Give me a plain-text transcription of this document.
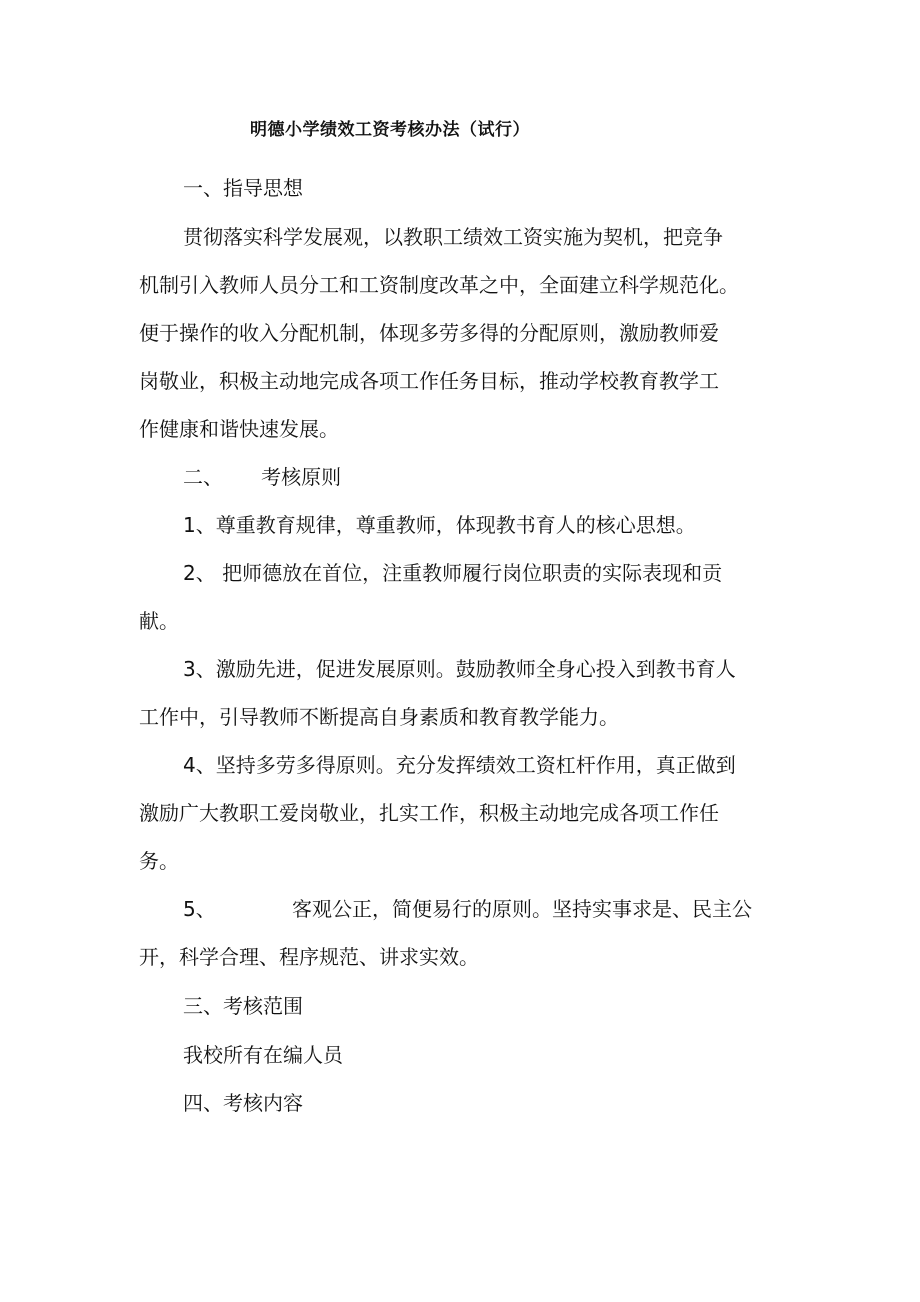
明德小学绩效工资考核办法（试行）
一、指导思想
贯彻落实科学发展观，以教职工绩效工资实施为契机，把竞争
机制引入教师人员分工和工资制度改革之中，全面建立科学规范化。
便于操作的收入分配机制，体现多劳多得的分配原则，激励教师爱
岗敬业，积极主动地完成各项工作任务目标，推动学校教育教学工
作健康和谐快速发展。
二、      考核原则
1、尊重教育规律，尊重教师，体现教书育人的核心思想。
2、 把师德放在首位，注重教师履行岗位职责的实际表现和贡
献。
3、激励先进，促进发展原则。鼓励教师全身心投入到教书育人
工作中，引导教师不断提高自身素质和教育教学能力。
4、坚持多劳多得原则。充分发挥绩效工资杠杆作用，真正做到
激励广大教职工爱岗敬业，扎实工作，积极主动地完成各项工作任
务。
5、            客观公正，简便易行的原则。坚持实事求是、民主公
开，科学合理、程序规范、讲求实效。
三、考核范围
我校所有在编人员
四、考核内容
